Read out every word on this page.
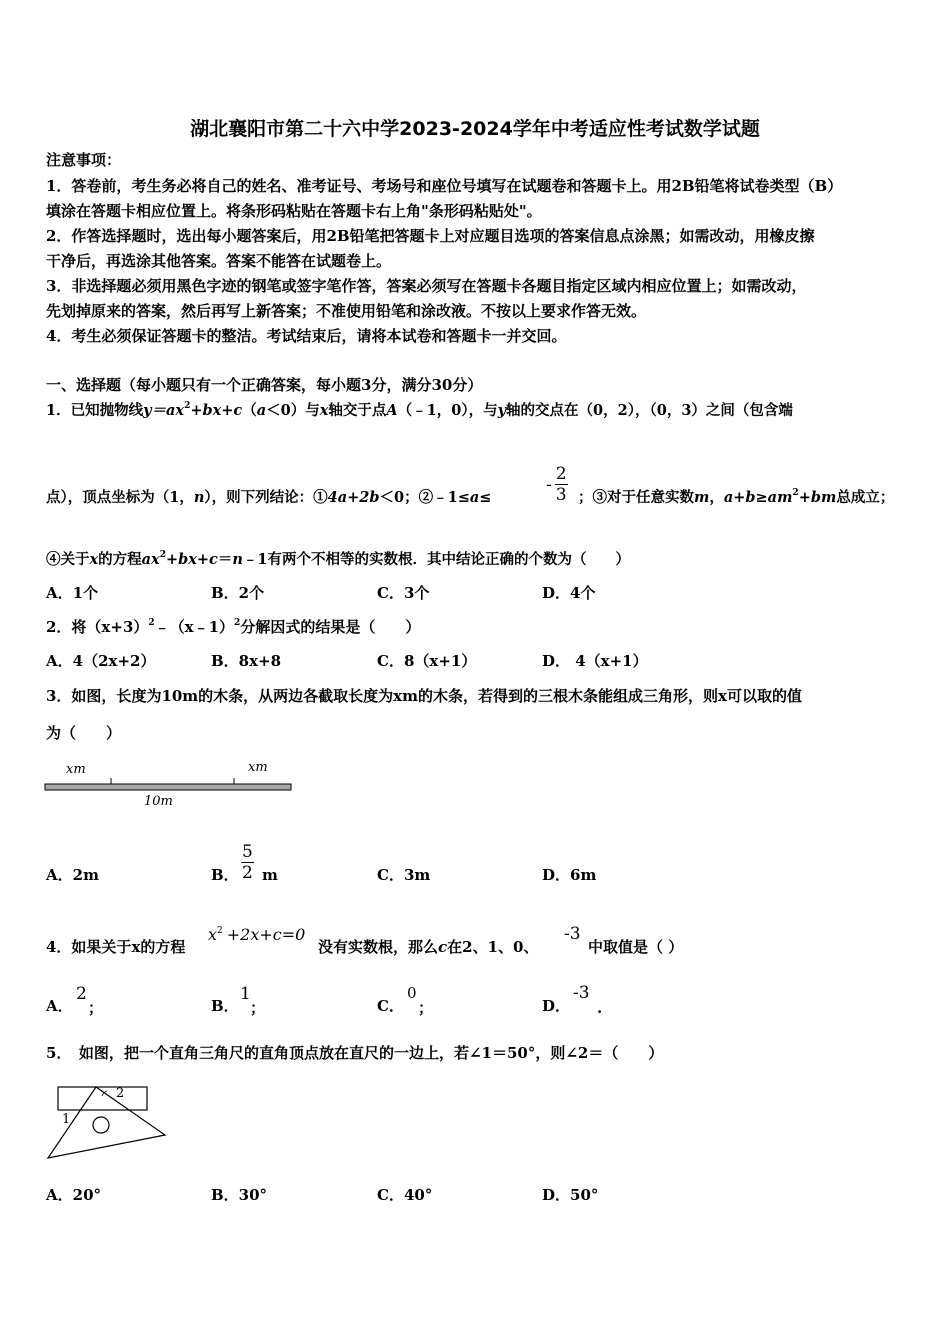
湖北襄阳市第二十六中学2023-2024学年中考适应性考试数学试题
注意事项：
1．答卷前，考生务必将自己的姓名、准考证号、考场号和座位号填写在试题卷和答题卡上。用2B铅笔将试卷类型（B）
填涂在答题卡相应位置上。将条形码粘贴在答题卡右上角"条形码粘贴处"。
2．作答选择题时，选出每小题答案后，用2B铅笔把答题卡上对应题目选项的答案信息点涂黑；如需改动，用橡皮擦
干净后，再选涂其他答案。答案不能答在试题卷上。
3．非选择题必须用黑色字迹的钢笔或签字笔作答，答案必须写在答题卡各题目指定区域内相应位置上；如需改动，
先划掉原来的答案，然后再写上新答案；不准使用铅笔和涂改液。不按以上要求作答无效。
4．考生必须保证答题卡的整洁。考试结束后，请将本试卷和答题卡一并交回。
一、选择题（每小题只有一个正确答案，每小题3分，满分30分）
1．已知抛物线$y=ax^2+bx+c(a<0)$与x轴交于点A（﹣1，0），与y轴的交点在（0，2），（0，3）之间（包含端
点），顶点坐标为（1，n），则下列结论：①4a+2b＜0；②﹣1≤a≤
- $\frac{2}{3}$ ；③对于任意实数m，$a+b\ge am^2+bm$总成立；
④关于x的方程$ax^2+bx+c=n﹣1$有两个不相等的实数根．其中结论正确的个数为（　　）
A．1个	B．2个	C．3个	D．4个
2．将$(x+3)^2﹣(x﹣1)^2$分解因式的结果是（　　）
A．4（2x+2）	B．8x+8	C．8（x+1）	D． 4（x+1）
3．如图，长度为10m的木条，从两边各截取长度为xm的木条，若得到的三根木条能组成三角形，则x可以取的值
为（　　）
xm	xm
10m
A．2m	B． $\frac{5}{2}$ m	C．3m	D．6m
4．如果关于x的方程
$x^2 +2x+c=0$
没有实数根，那么c在2、1、0、
-3
中取值是（ ）
A．
2
；	B．
1
；	C．
0
；	D．
-3
.
5．　如图，把一个直角三角尺的直角顶点放在直尺的一边上，若∠1＝50°，则∠2＝（　　）
1
2
A．20°	B．30°	C．40°	D．50°
